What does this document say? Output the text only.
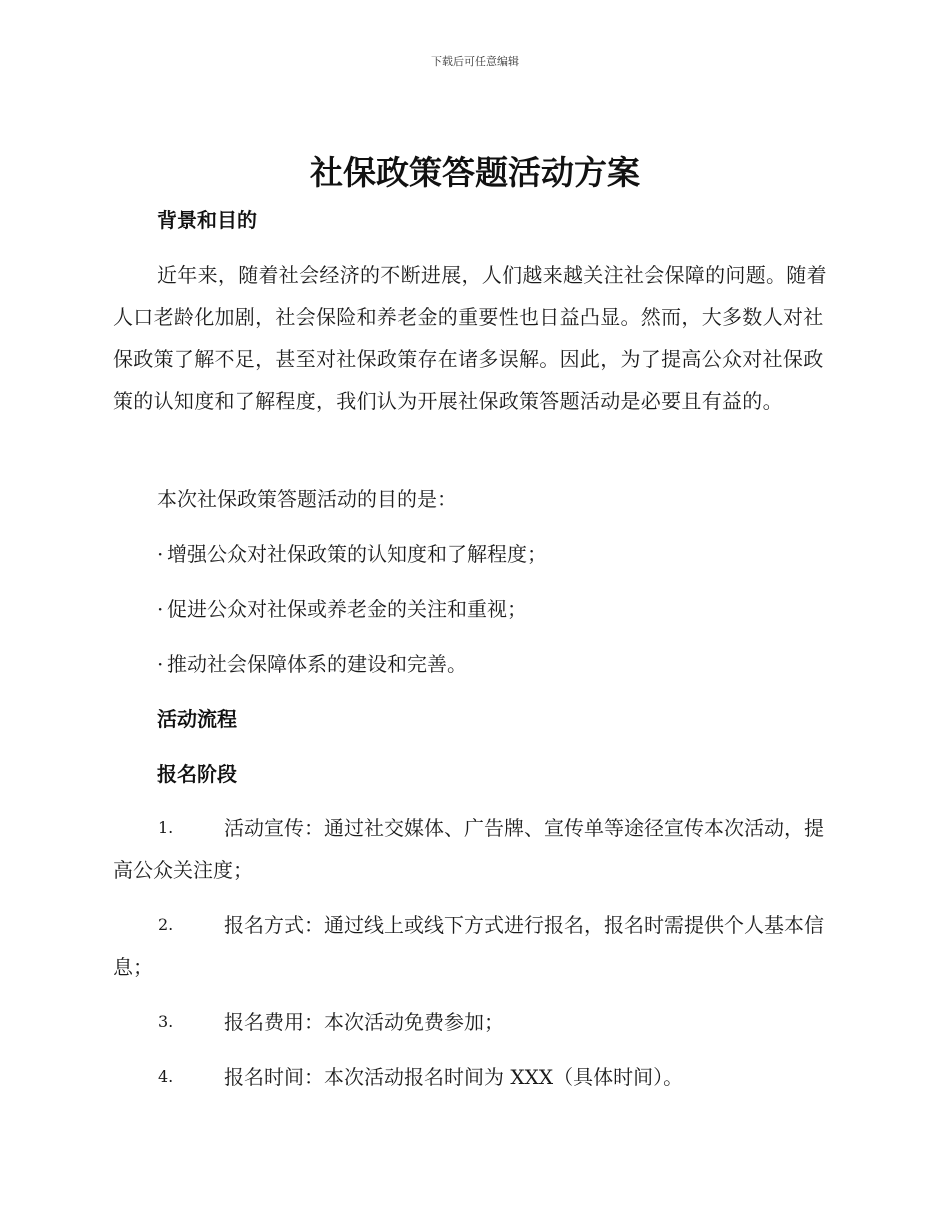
下载后可任意编辑
社保政策答题活动方案
背景和目的
近年来，随着社会经济的不断进展，人们越来越关注社会保障的问题。随着人口老龄化加剧，社会保险和养老金的重要性也日益凸显。然而，大多数人对社保政策了解不足，甚至对社保政策存在诸多误解。因此，为了提高公众对社保政策的认知度和了解程度，我们认为开展社保政策答题活动是必要且有益的。
本次社保政策答题活动的目的是：
· 增强公众对社保政策的认知度和了解程度；
· 促进公众对社保或养老金的关注和重视；
· 推动社会保障体系的建设和完善。
活动流程
报名阶段
1.	活动宣传：通过社交媒体、广告牌、宣传单等途径宣传本次活动，提高公众关注度；
2.	报名方式：通过线上或线下方式进行报名，报名时需提供个人基本信息；
3.	报名费用：本次活动免费参加；
4.	报名时间：本次活动报名时间为 XXX（具体时间）。
